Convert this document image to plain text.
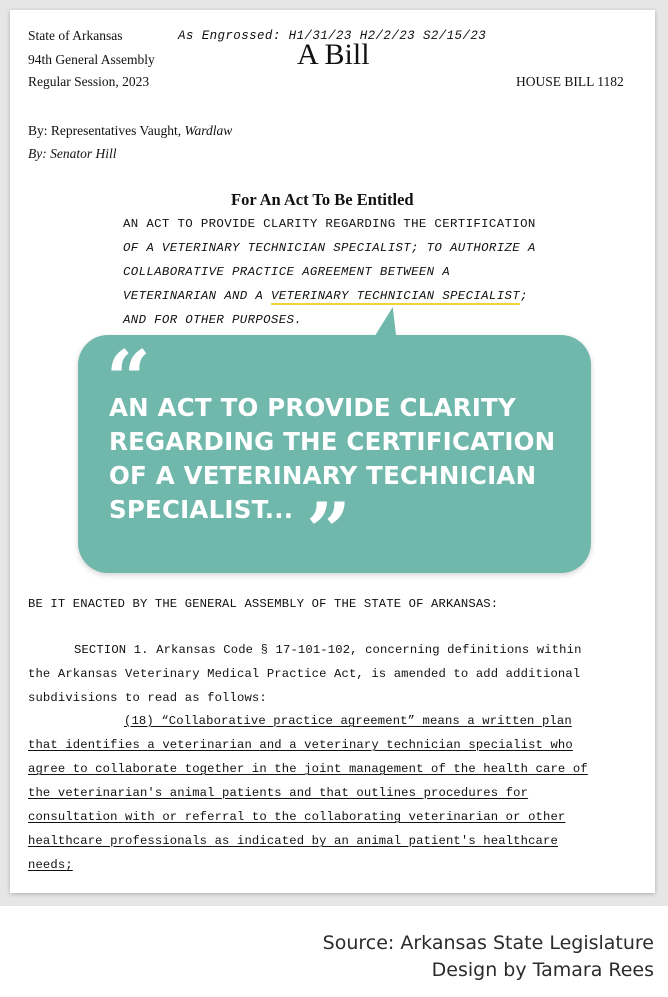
State of Arkansas
94th General Assembly
Regular Session, 2023
As Engrossed: H1/31/23 H2/2/23 S2/15/23
A Bill
HOUSE BILL 1182
By: Representatives Vaught, Wardlaw
By: Senator Hill
For An Act To Be Entitled
AN ACT TO PROVIDE CLARITY REGARDING THE CERTIFICATION
OF A VETERINARY TECHNICIAN SPECIALIST; TO AUTHORIZE A
COLLABORATIVE PRACTICE AGREEMENT BETWEEN A
VETERINARIAN AND A VETERINARY TECHNICIAN SPECIALIST;
AND FOR OTHER PURPOSES.
BE IT ENACTED BY THE GENERAL ASSEMBLY OF THE STATE OF ARKANSAS:
SECTION 1. Arkansas Code § 17-101-102, concerning definitions within
the Arkansas Veterinary Medical Practice Act, is amended to add additional
subdivisions to read as follows:
(18) “Collaborative practice agreement” means a written plan
that identifies a veterinarian and a veterinary technician specialist who
agree to collaborate together in the joint management of the health care of
the veterinarian's animal patients and that outlines procedures for
consultation with or referral to the collaborating veterinarian or other
healthcare professionals as indicated by an animal patient's healthcare
needs;
“

AN ACT TO PROVIDE CLARITY
REGARDING THE CERTIFICATION
OF A VETERINARY TECHNICIAN
SPECIALIST... ”
Source: Arkansas State Legislature
Design by Tamara Rees
